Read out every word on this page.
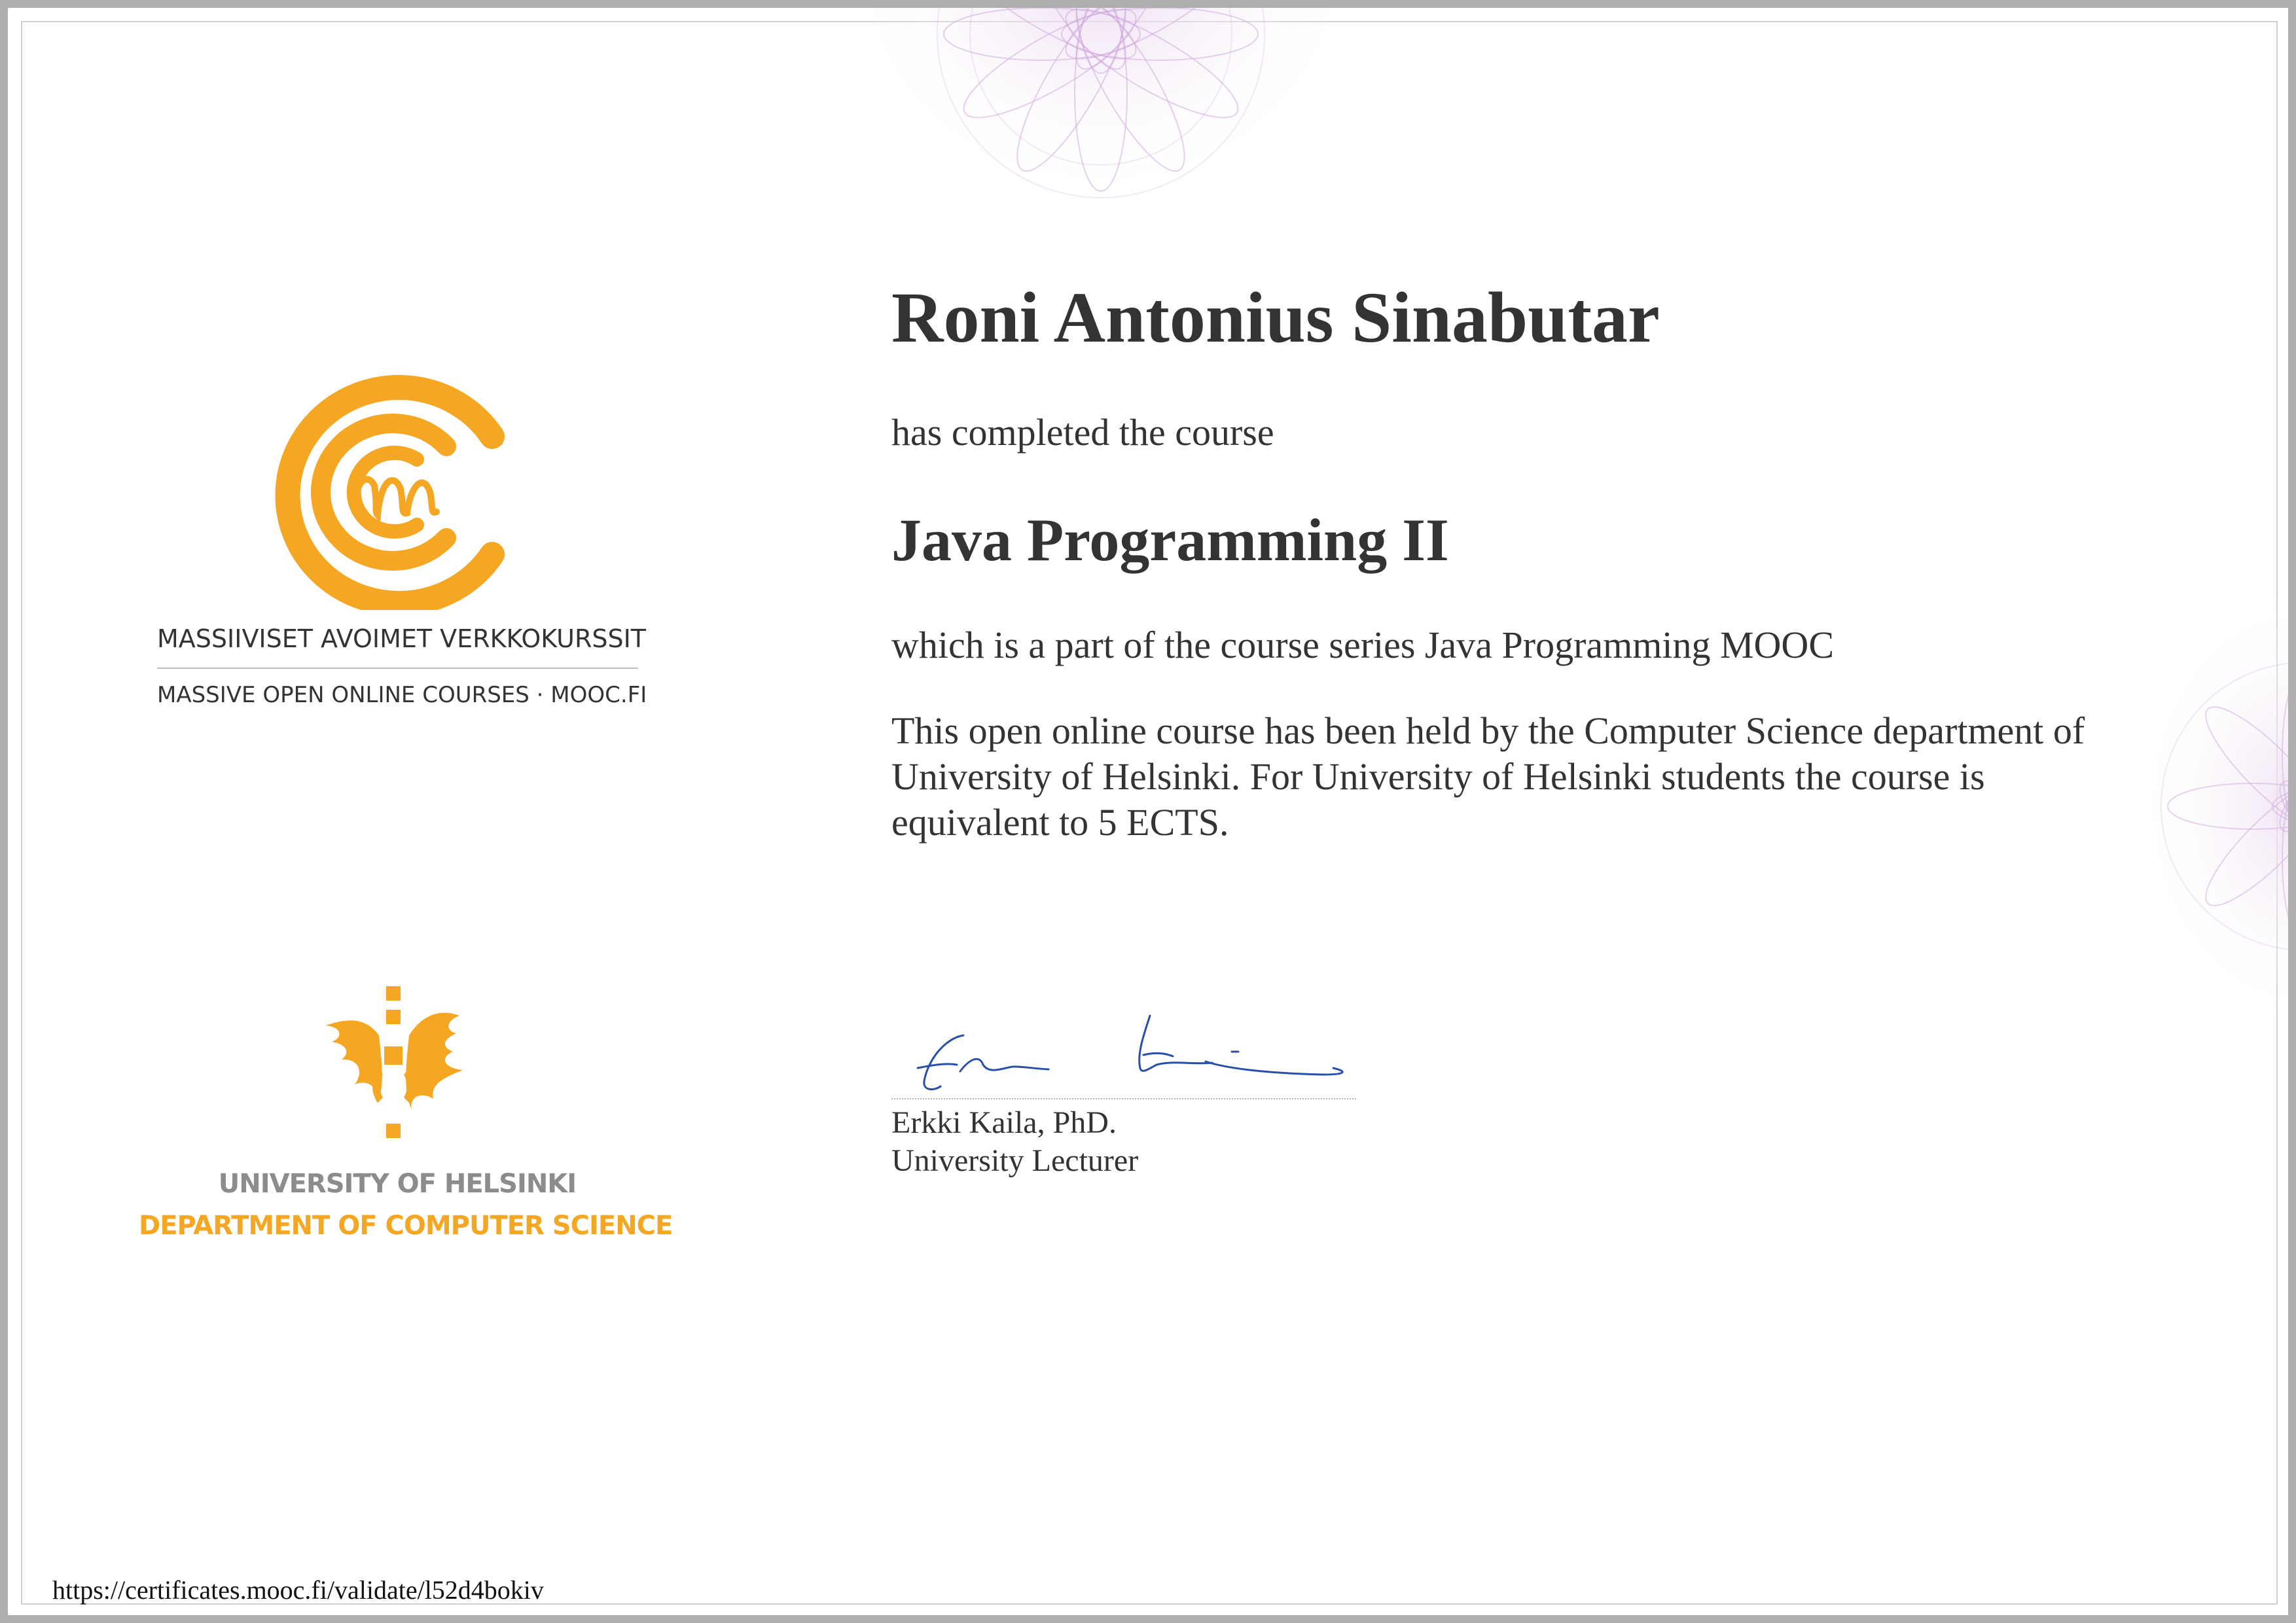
MASSIIVISET AVOIMET VERKKOKURSSIT
MASSIVE OPEN ONLINE COURSES · MOOC.FI
UNIVERSITY OF HELSINKI
DEPARTMENT OF COMPUTER SCIENCE
Roni Antonius Sinabutar
has completed the course
Java Programming II
which is a part of the course series Java Programming MOOC
This open online course has been held by the Computer Science department of University of Helsinki. For University of Helsinki students the course is equivalent to 5 ECTS.
Erkki Kaila, PhD.
University Lecturer
https://certificates.mooc.fi/validate/l52d4bokiv
